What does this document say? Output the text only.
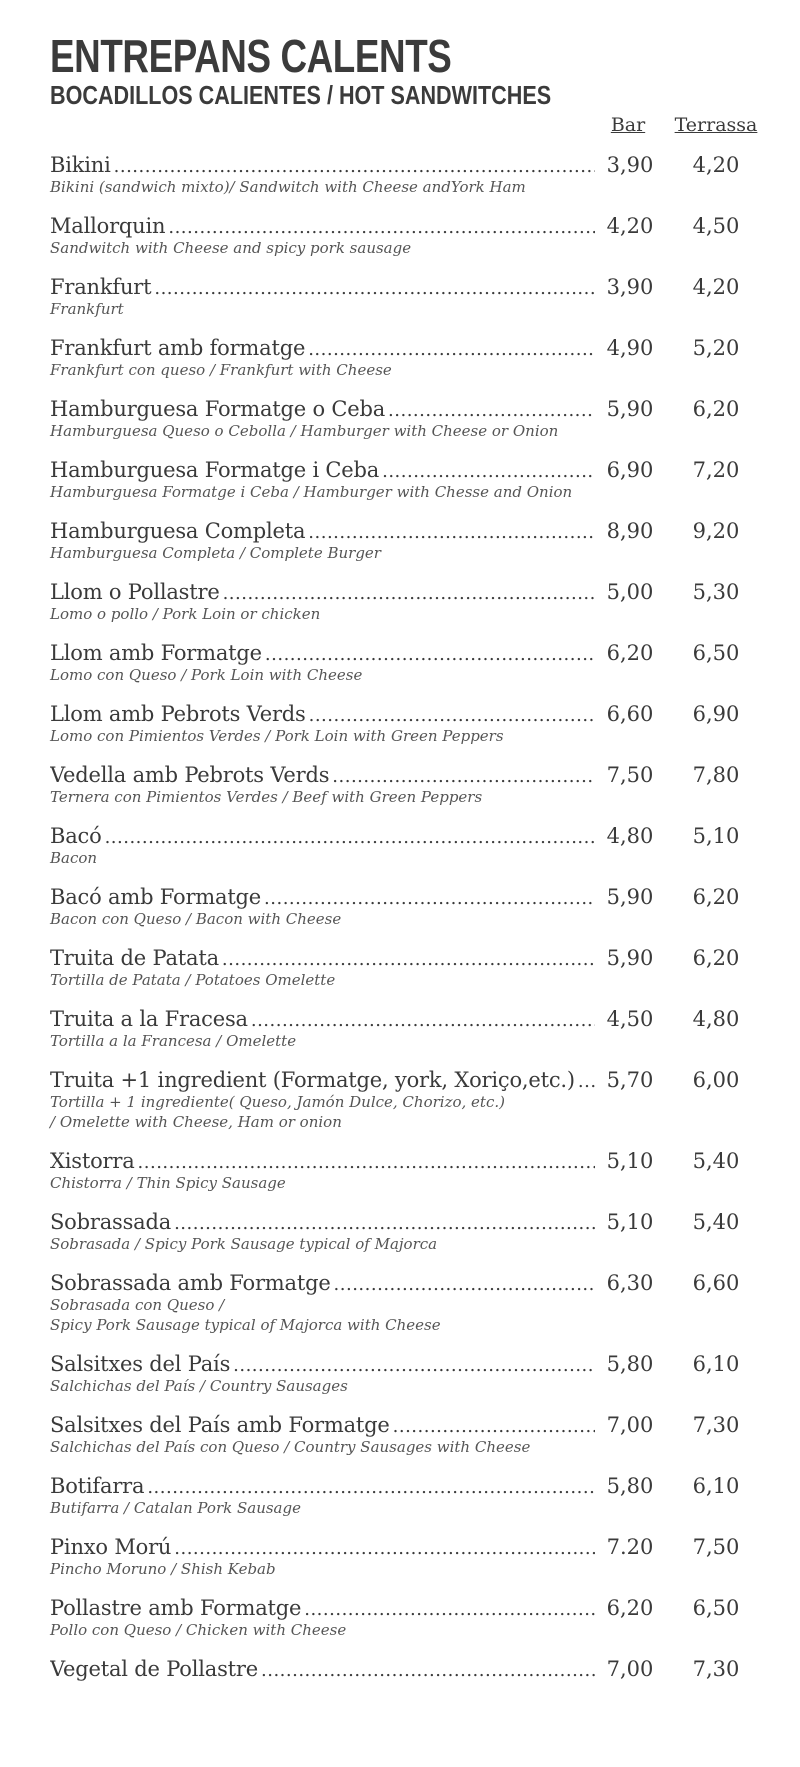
ENTREPANS CALENTS
BOCADILLOS CALIENTES / HOT SANDWITCHES
Bar	Terrassa
Bikini .....	3,90	4,20
Bikini (sandwich mixto)/ Sandwitch with Cheese andYork Ham
Mallorquin .....	4,20	4,50
Sandwitch with Cheese and spicy pork sausage
Frankfurt .....	3,90	4,20
Frankfurt
Frankfurt amb formatge .....	4,90	5,20
Frankfurt con queso / Frankfurt with Cheese
Hamburguesa Formatge o Ceba .....	5,90	6,20
Hamburguesa Queso o Cebolla / Hamburger with Cheese or Onion
Hamburguesa Formatge i Ceba .....	6,90	7,20
Hamburguesa Formatge i Ceba / Hamburger with Chesse and Onion
Hamburguesa Completa .....	8,90	9,20
Hamburguesa Completa / Complete Burger
Llom o Pollastre .....	5,00	5,30
Lomo o pollo / Pork Loin or chicken
Llom amb Formatge .....	6,20	6,50
Lomo con Queso / Pork Loin with Cheese
Llom amb Pebrots Verds .....	6,60	6,90
Lomo con Pimientos Verdes / Pork Loin with Green Peppers
Vedella amb Pebrots Verds .....	7,50	7,80
Ternera con Pimientos Verdes / Beef with Green Peppers
Bacó .....	4,80	5,10
Bacon
Bacó amb Formatge .....	5,90	6,20
Bacon con Queso / Bacon with Cheese
Truita de Patata .....	5,90	6,20
Tortilla de Patata / Potatoes Omelette
Truita a la Fracesa .....	4,50	4,80
Tortilla a la Francesa / Omelette
Truita +1 ingredient (Formatge, york, Xoriço,etc.) .....	5,70	6,00
Tortilla + 1 ingrediente( Queso, Jamón Dulce, Chorizo, etc.)
/ Omelette with Cheese, Ham or onion
Xistorra .....	5,10	5,40
Chistorra / Thin Spicy Sausage
Sobrassada .....	5,10	5,40
Sobrasada / Spicy Pork Sausage typical of Majorca
Sobrassada amb Formatge .....	6,30	6,60
Sobrasada con Queso /
Spicy Pork Sausage typical of Majorca with Cheese
Salsitxes del País .....	5,80	6,10
Salchichas del País / Country Sausages
Salsitxes del País amb Formatge .....	7,00	7,30
Salchichas del País con Queso / Country Sausages with Cheese
Botifarra .....	5,80	6,10
Butifarra / Catalan Pork Sausage
Pinxo Morú .....	7.20	7,50
Pincho Moruno / Shish Kebab
Pollastre amb Formatge .....	6,20	6,50
Pollo con Queso / Chicken with Cheese
Vegetal de Pollastre .....	7,00	7,30
